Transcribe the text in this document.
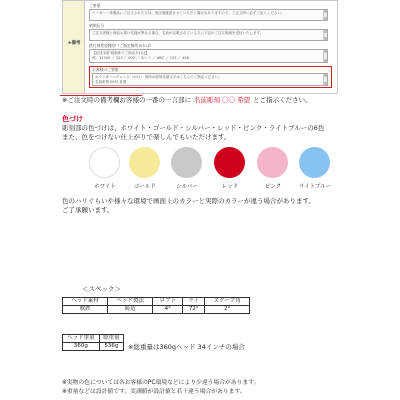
★備考
ご要望
ハーガー一体製品にご注文された方は、受注後確認させていただく場合もありますので、ご注文時に必ずご記入ください。
納期区分
ご注文者様と商品お届け先様が異なる場合、名前が記載されている方に下記のご注文明細を送付いたします。
鉄打刻希望種別（ご指定箇所あれば）
【記述本望 明朝体でご指定あれば】
例：12345 ／ 123 ／ 000 ／ あいう ／ ABC ／ 123 ／ 456
お客様のご要望
カウンターへウェッジ（かけ） 刻印の彫刻希望文字はこちらでご指定ください。
名前彫刻 00号 希望
※ご注文時の備考欄お客様の一番の一言部に 名前彫刻 〇〇 希望 とご指示ください。
色づけ
彫刻部の色づけは、ホワイト・ゴールド・シルバー・レッド・ピンク・ライトブルーの6色
また、色をつけない仕上がりで楽しんでもいただけます。
ホワイト	ゴールド	シルバー	レッド	ピンク	ライトブルー
色のハリぐらいや様々な環境で画面上のカラーと実際のカラーが違う場合があります。
ご了承願います。
＜スペック＞
ヘッド素材	ヘッド製法	ロフト	ライ	スクープ角
軟鉄	鋳造	4°	72°	2°
ヘッド重量	総重量
360g	536g ※総重量は360gヘッド 34インチの場合
※実物の色については各お客様のPC環境などにより少違う場合があります。
※重量などは設計値です。実測値が設計値と若干違う場合があります。
